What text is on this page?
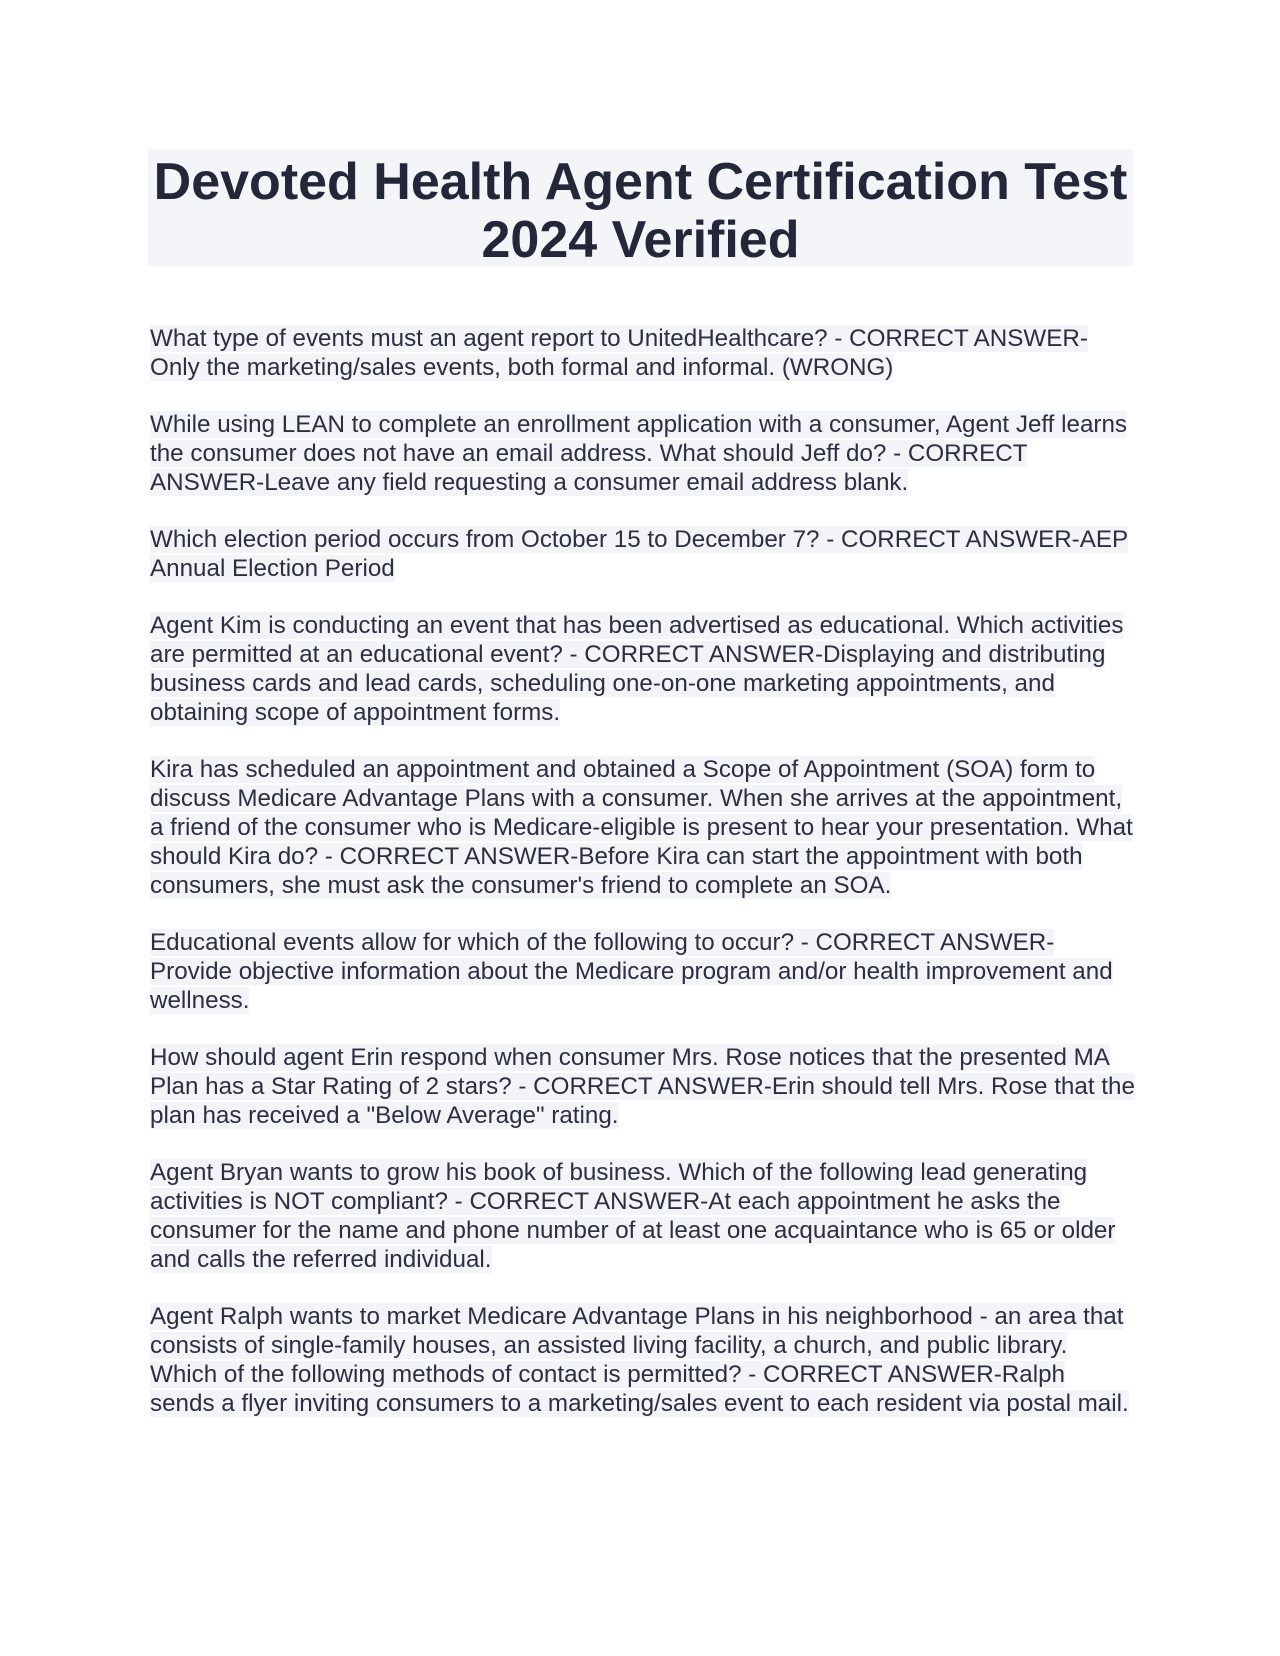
Devoted Health Agent Certification Test 2024 Verified

What type of events must an agent report to UnitedHealthcare? - CORRECT ANSWER-Only the marketing/sales events, both formal and informal. (WRONG)

While using LEAN to complete an enrollment application with a consumer, Agent Jeff learns the consumer does not have an email address. What should Jeff do? - CORRECT ANSWER-Leave any field requesting a consumer email address blank.

Which election period occurs from October 15 to December 7? - CORRECT ANSWER-AEP Annual Election Period

Agent Kim is conducting an event that has been advertised as educational. Which activities are permitted at an educational event? - CORRECT ANSWER-Displaying and distributing business cards and lead cards, scheduling one-on-one marketing appointments, and obtaining scope of appointment forms.

Kira has scheduled an appointment and obtained a Scope of Appointment (SOA) form to discuss Medicare Advantage Plans with a consumer. When she arrives at the appointment, a friend of the consumer who is Medicare-eligible is present to hear your presentation. What should Kira do? - CORRECT ANSWER-Before Kira can start the appointment with both consumers, she must ask the consumer's friend to complete an SOA.

Educational events allow for which of the following to occur? - CORRECT ANSWER-Provide objective information about the Medicare program and/or health improvement and wellness.

How should agent Erin respond when consumer Mrs. Rose notices that the presented MA Plan has a Star Rating of 2 stars? - CORRECT ANSWER-Erin should tell Mrs. Rose that the plan has received a "Below Average" rating.

Agent Bryan wants to grow his book of business. Which of the following lead generating activities is NOT compliant? - CORRECT ANSWER-At each appointment he asks the consumer for the name and phone number of at least one acquaintance who is 65 or older and calls the referred individual.

Agent Ralph wants to market Medicare Advantage Plans in his neighborhood - an area that consists of single-family houses, an assisted living facility, a church, and public library. Which of the following methods of contact is permitted? - CORRECT ANSWER-Ralph sends a flyer inviting consumers to a marketing/sales event to each resident via postal mail.
